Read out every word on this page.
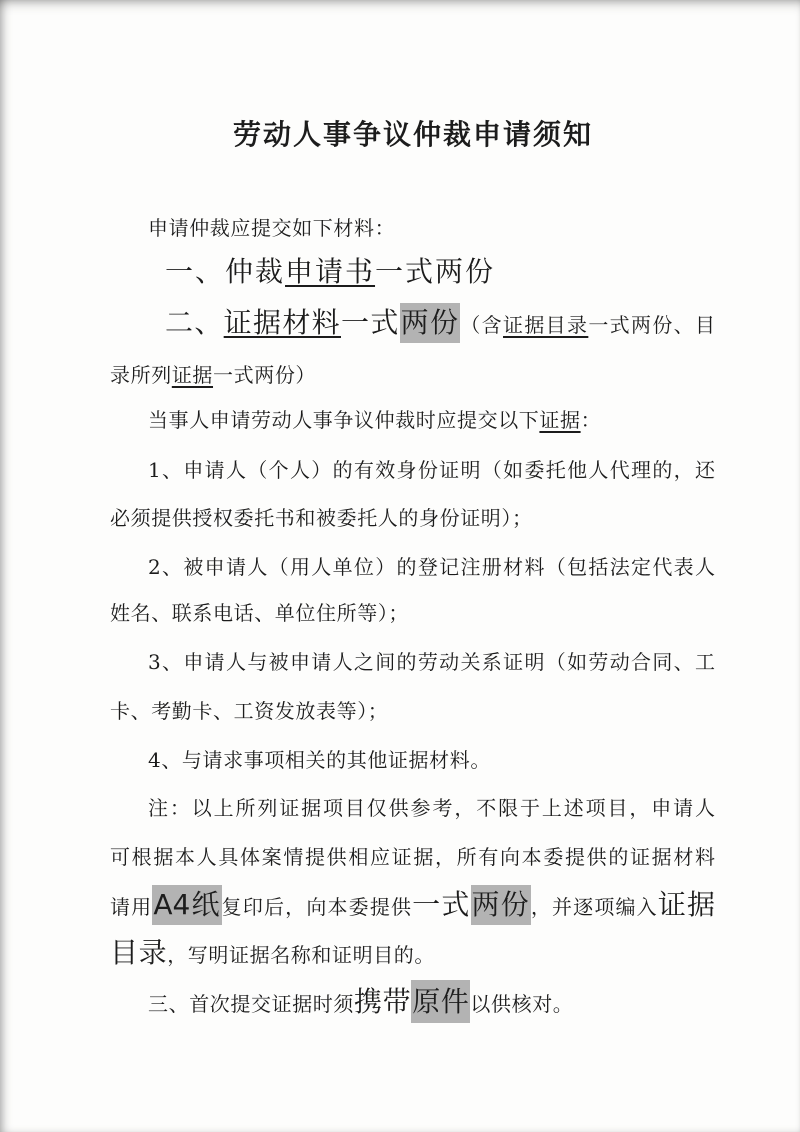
劳动人事争议仲裁申请须知
申请仲裁应提交如下材料：
一、仲裁申请书一式两份
二、证据材料一式两份（含证据目录一式两份、目
录所列证据一式两份）
当事人申请劳动人事争议仲裁时应提交以下证据：
1、申请人（个人）的有效身份证明（如委托他人代理的，还
必须提供授权委托书和被委托人的身份证明）；
2、被申请人（用人单位）的登记注册材料（包括法定代表人
姓名、联系电话、单位住所等）；
3、申请人与被申请人之间的劳动关系证明（如劳动合同、工
卡、考勤卡、工资发放表等）；
4、与请求事项相关的其他证据材料。
注：以上所列证据项目仅供参考，不限于上述项目，申请人
可根据本人具体案情提供相应证据，所有向本委提供的证据材料
请用A4纸复印后，向本委提供一式两份，并逐项编入证据
目录，写明证据名称和证明目的。
三、首次提交证据时须携带原件以供核对。
